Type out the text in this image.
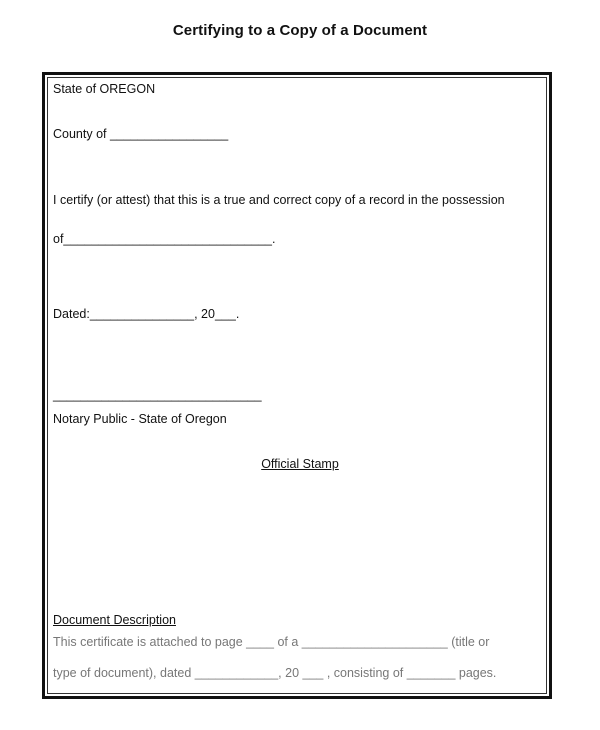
Certifying to a Copy of a Document
State of OREGON
County of _________________
I certify (or attest) that this is a true and correct copy of a record in the possession
of______________________________.
Dated:_______________, 20___.
______________________________
Notary Public - State of Oregon
Official Stamp
Document Description
This certificate is attached to page ____ of a _____________________ (title or
type of document), dated ____________, 20 ___ , consisting of _______ pages.
